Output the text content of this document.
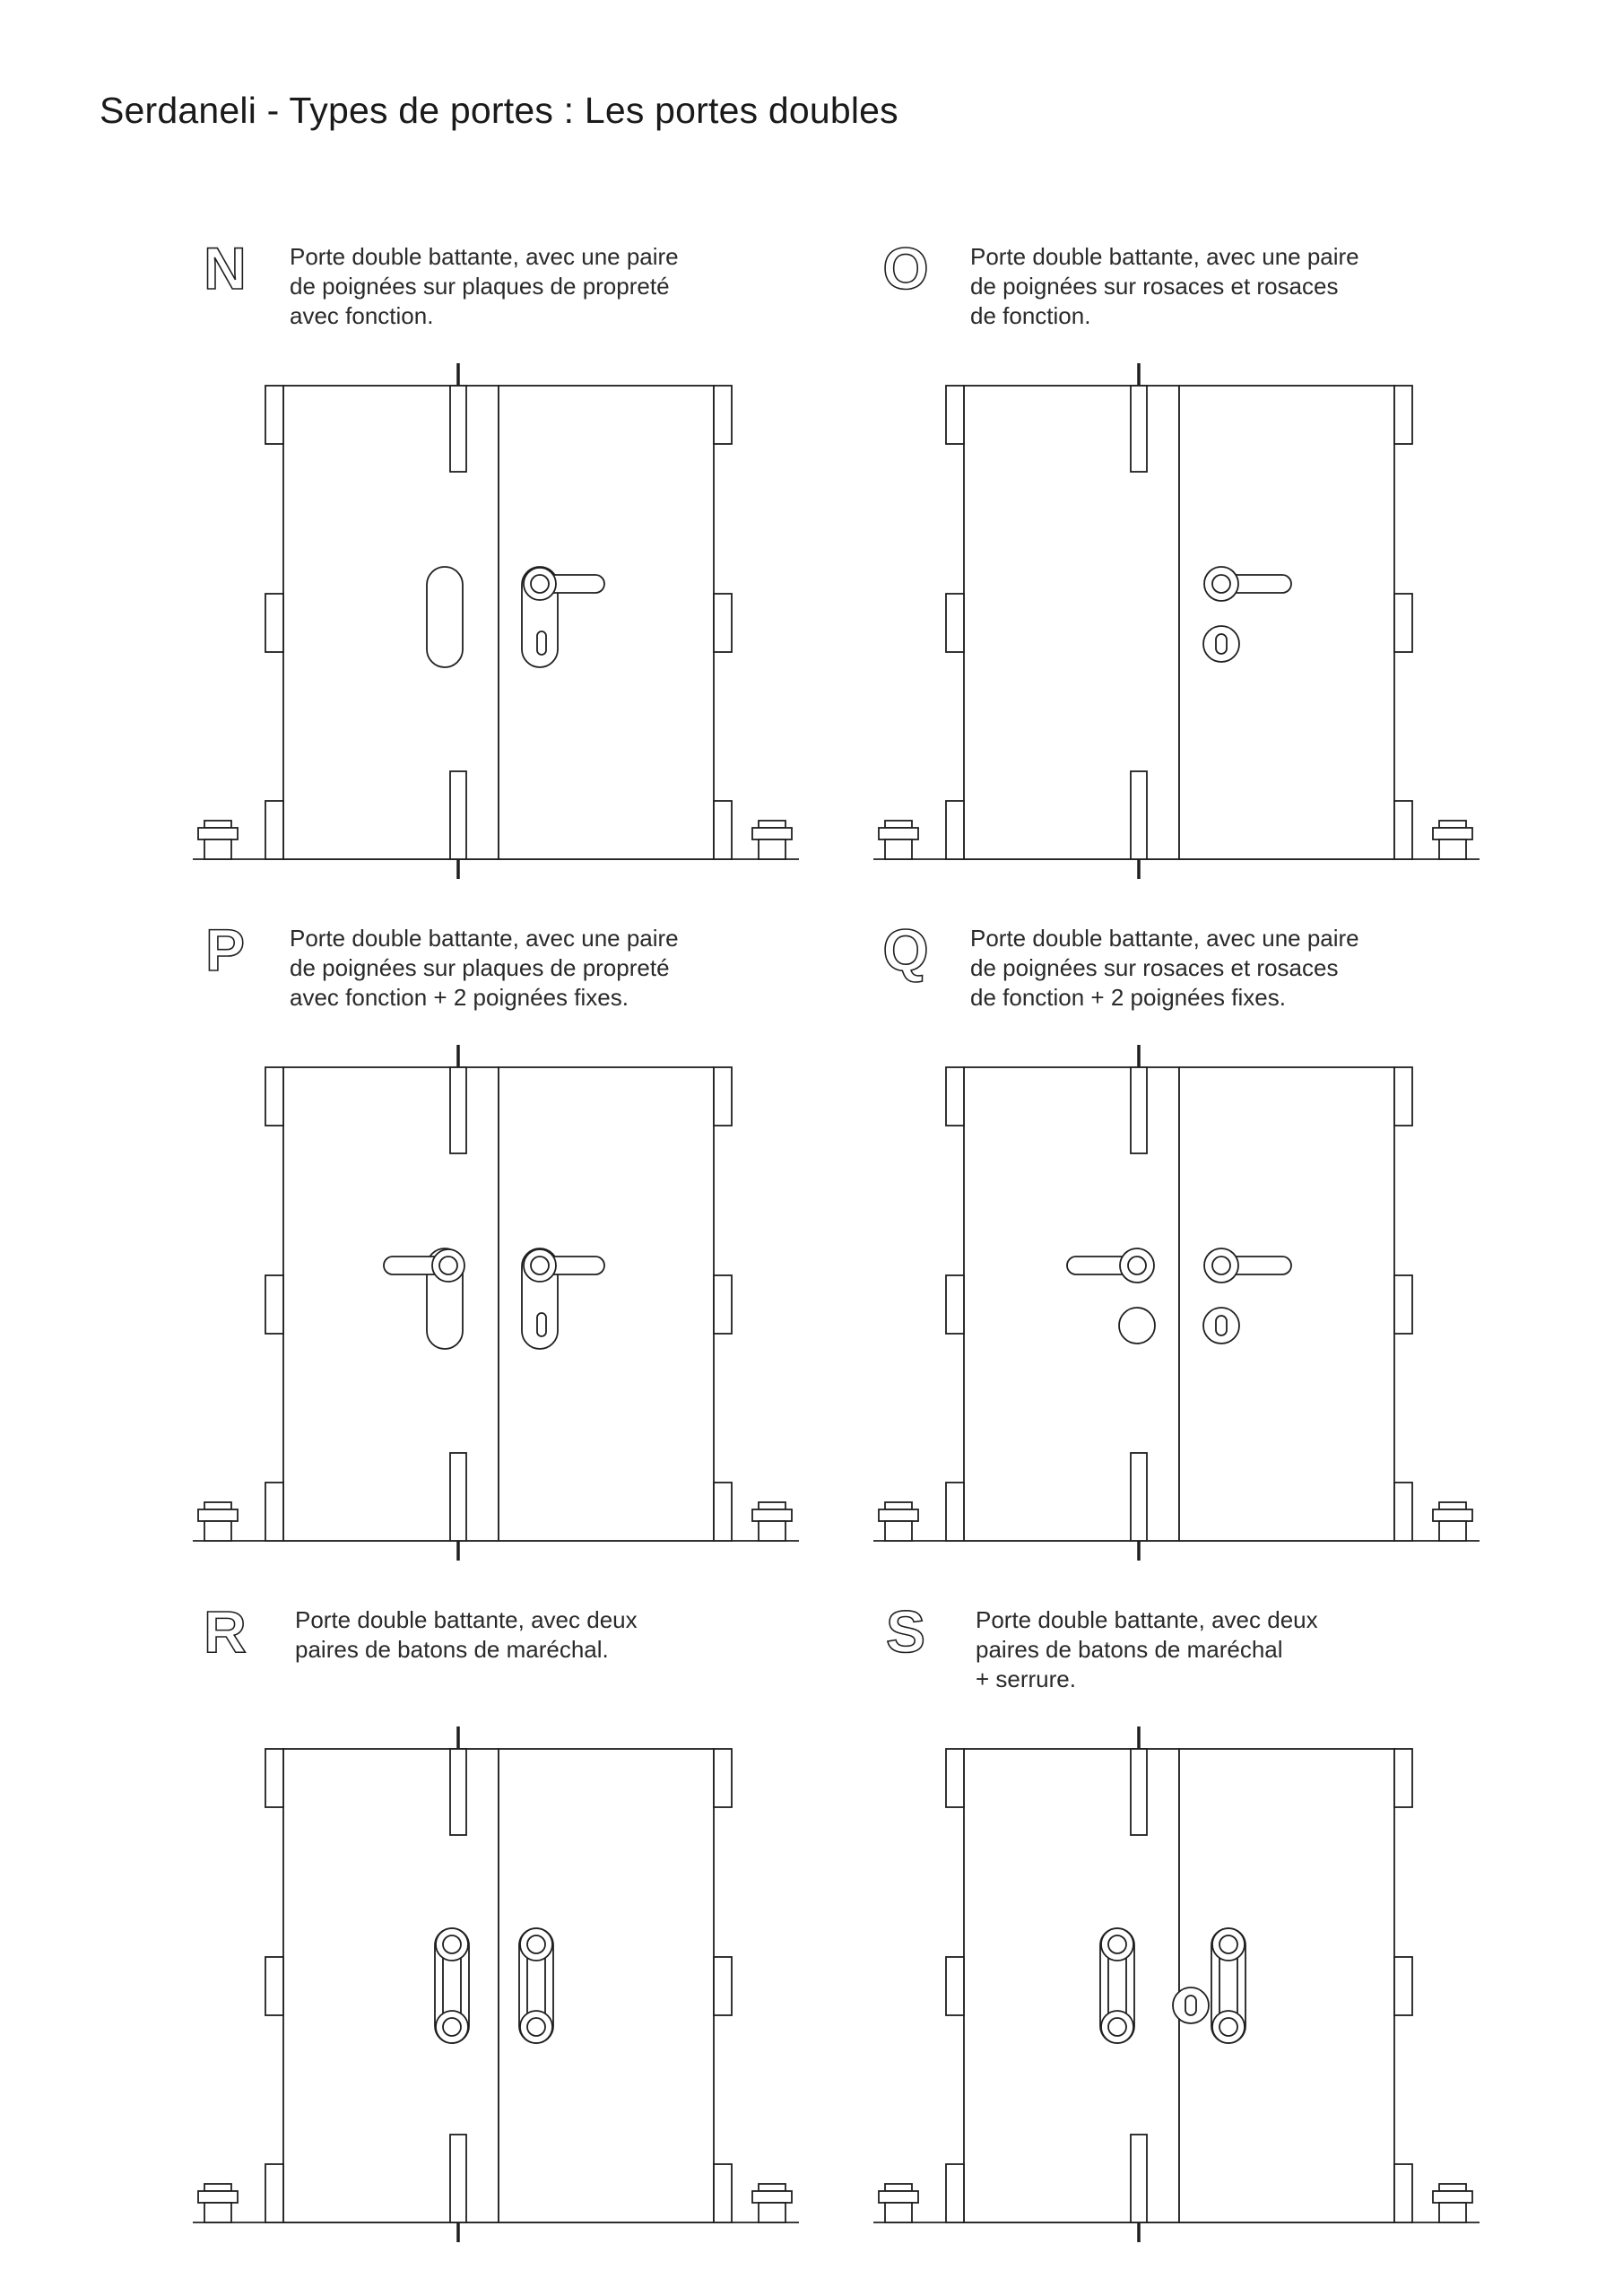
Serdaneli - Types de portes : Les portes doubles
N Porte double battante, avec une paire
de poignées sur plaques de propreté
avec fonction.

O Porte double battante, avec une paire
de poignées sur rosaces et rosaces
de fonction.

P Porte double battante, avec une paire
de poignées sur plaques de propreté
avec fonction + 2 poignées fixes.

Q Porte double battante, avec une paire
de poignées sur rosaces et rosaces
de fonction + 2 poignées fixes.

R Porte double battante, avec deux
paires de batons de maréchal.	S Porte double battante, avec deux
paires de batons de maréchal
+ serrure.
